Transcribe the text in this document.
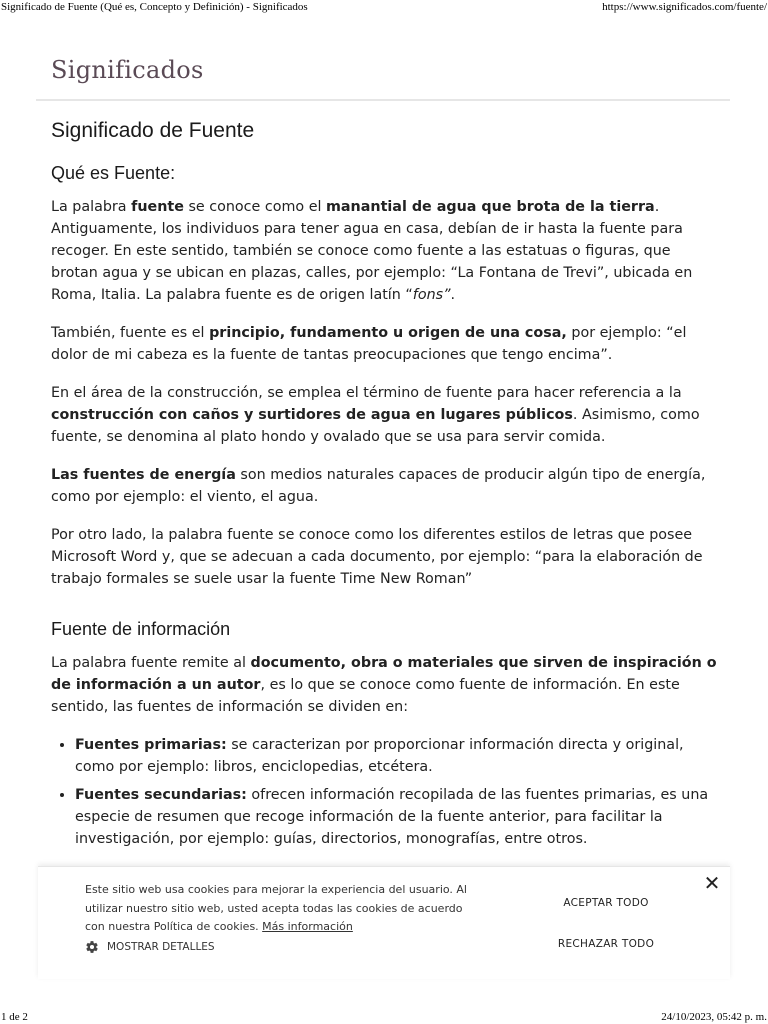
Significado de Fuente (Qué es, Concepto y Definición) - Significados	https://www.significados.com/fuente/
Significados
Significado de Fuente
Qué es Fuente:

La palabra fuente se conoce como el manantial de agua que brota de la tierra. Antiguamente, los individuos para tener agua en casa, debían de ir hasta la fuente para recoger. En este sentido, también se conoce como fuente a las estatuas o figuras, que brotan agua y se ubican en plazas, calles, por ejemplo: “La Fontana de Trevi”, ubicada en Roma, Italia. La palabra fuente es de origen latín “fons”.

También, fuente es el principio, fundamento u origen de una cosa, por ejemplo: “el dolor de mi cabeza es la fuente de tantas preocupaciones que tengo encima”.

En el área de la construcción, se emplea el término de fuente para hacer referencia a la construcción con caños y surtidores de agua en lugares públicos. Asimismo, como fuente, se denomina al plato hondo y ovalado que se usa para servir comida.

Las fuentes de energía son medios naturales capaces de producir algún tipo de energía, como por ejemplo: el viento, el agua.

Por otro lado, la palabra fuente se conoce como los diferentes estilos de letras que posee Microsoft Word y, que se adecuan a cada documento, por ejemplo: “para la elaboración de trabajo formales se suele usar la fuente Time New Roman”

Fuente de información

La palabra fuente remite al documento, obra o materiales que sirven de inspiración o de información a un autor, es lo que se conoce como fuente de información. En este sentido, las fuentes de información se dividen en:

• Fuentes primarias: se caracterizan por proporcionar información directa y original, como por ejemplo: libros, enciclopedias, etcétera.
• Fuentes secundarias: ofrecen información recopilada de las fuentes primarias, es una especie de resumen que recoge información de la fuente anterior, para facilitar la investigación, por ejemplo: guías, directorios, monografías, entre otros.
Este sitio web usa cookies para mejorar la experiencia del usuario. Al utilizar nuestro sitio web, usted acepta todas las cookies de acuerdo con nuestra Política de cookies. Más información
MOSTRAR DETALLES
ACEPTAR TODO
RECHAZAR TODO
✕
1 de 2	24/10/2023, 05:42 p. m.
